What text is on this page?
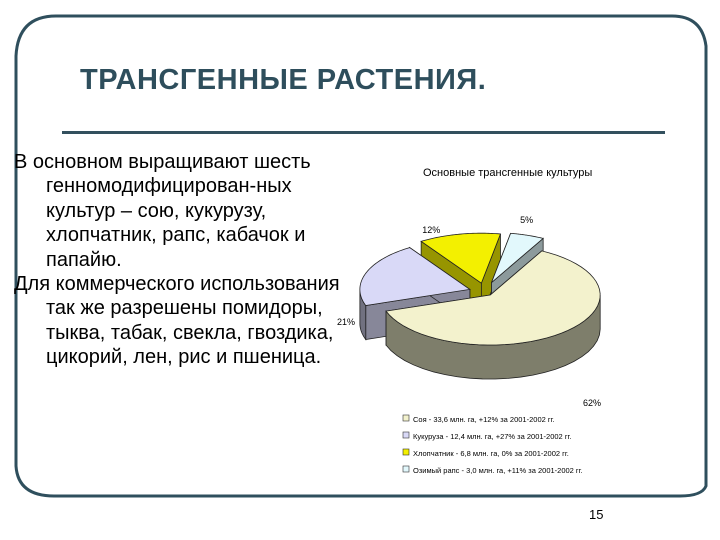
ТРАНСГЕННЫЕ РАСТЕНИЯ.

В основном выращивают шесть генномодифицирован-ных культур – сою, кукурузу, хлопчатник, рапс, кабачок и папайю.

Для коммерческого использования так же разрешены помидоры, тыква, табак, свекла, гвоздика, цикорий, лен, рис и пшеница.

Основные трансгенные культуры
62%
21%
12%
5%
Соя - 33,6 млн. га, +12% за 2001-2002 гг.
Кукуруза - 12,4 млн. га, +27% за 2001-2002 гг.
Хлопчатник - 6,8 млн. га, 0% за 2001-2002 гг.
Озимый рапс - 3,0 млн. га, +11% за 2001-2002 гг.
15
